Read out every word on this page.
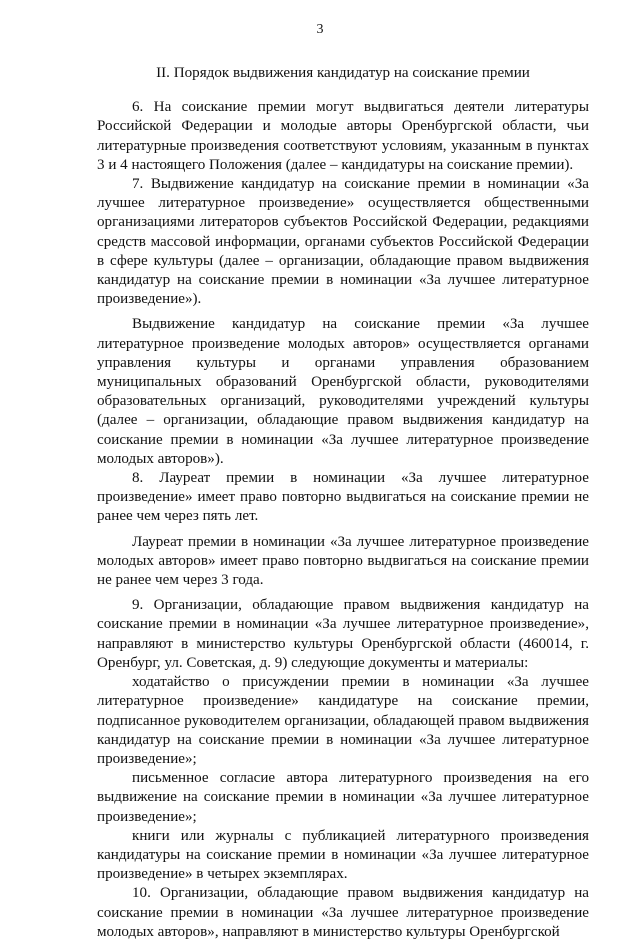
3

II. Порядок выдвижения кандидатур на соискание премии

6. На соискание премии могут выдвигаться деятели литературы Российской Федерации и молодые авторы Оренбургской области, чьи литературные произведения соответствуют условиям, указанным в пунктах 3 и 4 настоящего Положения (далее – кандидатуры на соискание премии).

7. Выдвижение кандидатур на соискание премии в номинации «За лучшее литературное произведение» осуществляется общественными организациями литераторов субъектов Российской Федерации, редакциями средств массовой информации, органами субъектов Российской Федерации в сфере культуры (далее – организации, обладающие правом выдвижения кандидатур на соискание премии в номинации «За лучшее литературное произведение»).

Выдвижение кандидатур на соискание премии «За лучшее литературное произведение молодых авторов» осуществляется органами управления культуры и органами управления образованием муниципальных образований Оренбургской области, руководителями образовательных организаций, руководителями учреждений культуры (далее – организации, обладающие правом выдвижения кандидатур на соискание премии в номинации «За лучшее литературное произведение молодых авторов»).

8. Лауреат премии в номинации «За лучшее литературное произведение» имеет право повторно выдвигаться на соискание премии не ранее чем через пять лет.

Лауреат премии в номинации «За лучшее литературное произведение молодых авторов» имеет право повторно выдвигаться на соискание премии не ранее чем через 3 года.

9. Организации, обладающие правом выдвижения кандидатур на соискание премии в номинации «За лучшее литературное произведение», направляют в министерство культуры Оренбургской области (460014, г. Оренбург, ул. Советская, д. 9) следующие документы и материалы:

ходатайство о присуждении премии в номинации «За лучшее литературное произведение» кандидатуре на соискание премии, подписанное руководителем организации, обладающей правом выдвижения кандидатур на соискание премии в номинации «За лучшее литературное произведение»;

письменное согласие автора литературного произведения на его выдвижение на соискание премии в номинации «За лучшее литературное произведение»;

книги или журналы с публикацией литературного произведения кандидатуры на соискание премии в номинации «За лучшее литературное произведение» в четырех экземплярах.

10. Организации, обладающие правом выдвижения кандидатур на соискание премии в номинации «За лучшее литературное произведение молодых авторов», направляют в министерство культуры Оренбургской
